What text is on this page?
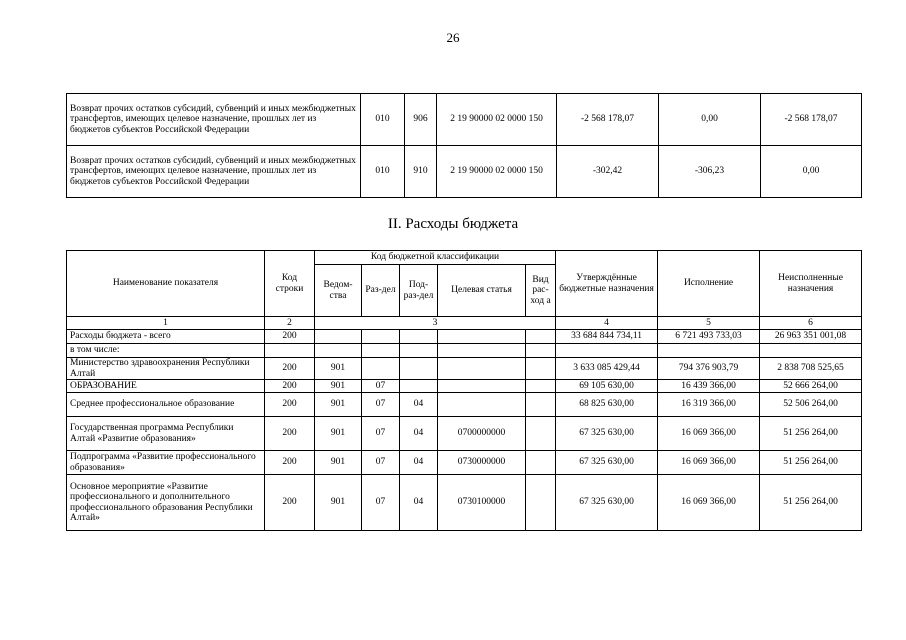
26
Возврат прочих остатков субсидий, субвенций и иных межбюджетных трансфертов, имеющих целевое назначение, прошлых лет из бюджетов субъектов Российской Федерации	010	906	2 19 90000 02 0000 150	-2 568 178,07	0,00	-2 568 178,07
Возврат прочих остатков субсидий, субвенций и иных межбюджетных трансфертов, имеющих целевое назначение, прошлых лет из бюджетов субъектов Российской Федерации	010	910	2 19 90000 02 0000 150	-302,42	-306,23	0,00
II. Расходы бюджета
Наименование показателя	Код строки	Код бюджетной классификации					Утверждённые бюджетные назначения	Исполнение	Неисполненные назначения
		Ведом-ства	Раз-дел	Под-раз-дел	Целевая статья	Вид рас-ход а			
1	2	3					4	5	6
Расходы бюджета - всего	200						33 684 844 734,11	6 721 493 733,03	26 963 351 001,08
в том числе:									
Министерство здравоохранения Республики Алтай	200	901					3 633 085 429,44	794 376 903,79	2 838 708 525,65
ОБРАЗОВАНИЕ	200	901	07				69 105 630,00	16 439 366,00	52 666 264,00
Среднее профессиональное образование	200	901	07	04			68 825 630,00	16 319 366,00	52 506 264,00
Государственная программа Республики Алтай «Развитие образования»	200	901	07	04	0700000000		67 325 630,00	16 069 366,00	51 256 264,00
Подпрограмма «Развитие профессионального образования»	200	901	07	04	0730000000		67 325 630,00	16 069 366,00	51 256 264,00
Основное мероприятие «Развитие профессионального и дополнительного профессионального образования Республики Алтай»	200	901	07	04	0730100000		67 325 630,00	16 069 366,00	51 256 264,00
